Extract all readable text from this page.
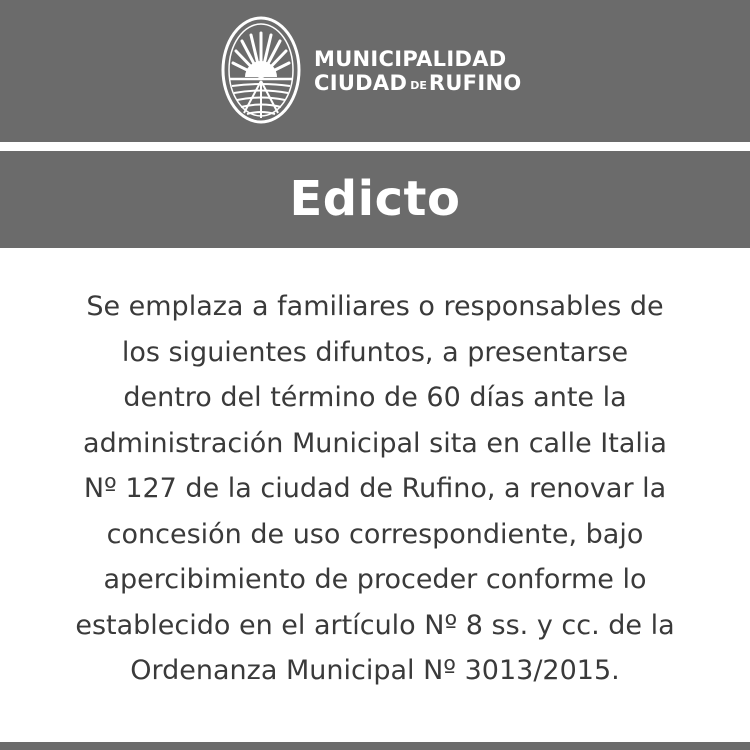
MUNICIPALIDAD
CIUDAD DERUFINO
Edicto
Se emplaza a familiares o responsables de
los siguientes difuntos, a presentarse
dentro del término de 60 días ante la
administración Municipal sita en calle Italia
Nº 127 de la ciudad de Rufino, a renovar la
concesión de uso correspondiente, bajo
apercibimiento de proceder conforme lo
establecido en el artículo Nº 8 ss. y cc. de la
Ordenanza Municipal Nº 3013/2015.
